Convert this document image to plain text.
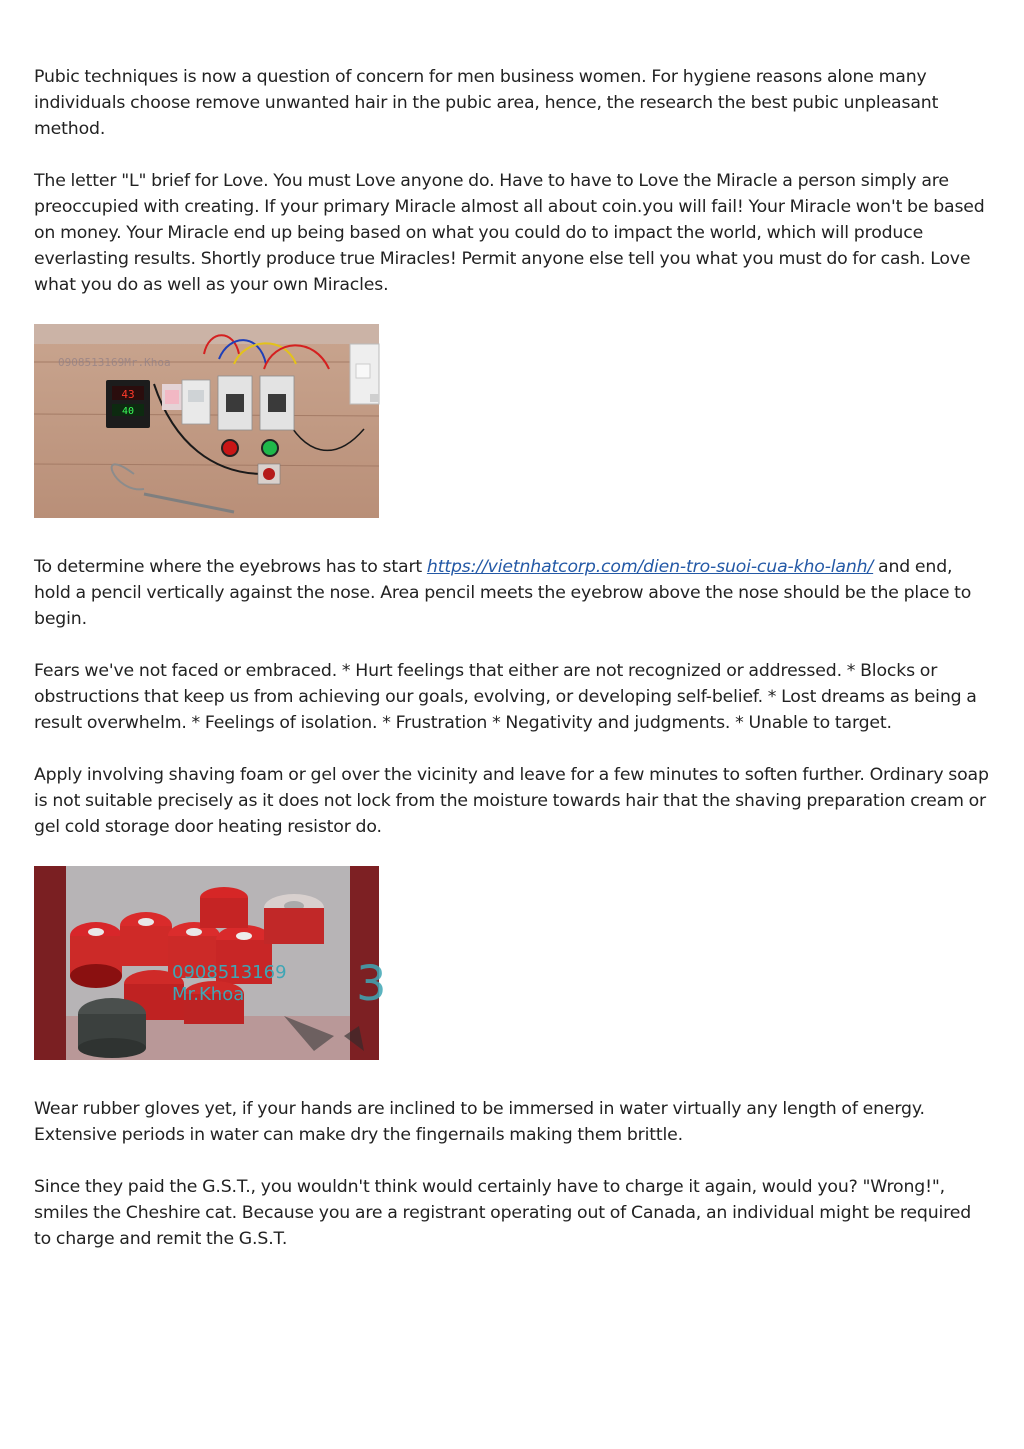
Pubic techniques is now a question of concern for men business women. For hygiene reasons alone many individuals choose remove unwanted hair in the pubic area, hence, the research the best pubic unpleasant method.

The letter "L" brief for Love. You must Love anyone do. Have to have to Love the Miracle a person simply are preoccupied with creating. If your primary Miracle almost all about coin.you will fail! Your Miracle won't be based on money. Your Miracle end up being based on what you could do to impact the world, which will produce everlasting results. Shortly produce true Miracles! Permit anyone else tell you what you must do for cash. Love what you do as well as your own Miracles.

0908513169Mr.Khoa
43
40

To determine where the eyebrows has to start https://vietnhatcorp.com/dien-tro-suoi-cua-kho-lanh/ and end, hold a pencil vertically against the nose. Area pencil meets the eyebrow above the nose should be the place to begin.

Fears we've not faced or embraced. * Hurt feelings that either are not recognized or addressed. * Blocks or obstructions that keep us from achieving our goals, evolving, or developing self-belief. * Lost dreams as being a result overwhelm. * Feelings of isolation. * Frustration * Negativity and judgments. * Unable to target.

Apply involving shaving foam or gel over the vicinity and leave for a few minutes to soften further. Ordinary soap is not suitable precisely as it does not lock from the moisture towards hair that the shaving preparation cream or gel cold storage door heating resistor do.

0908513169
Mr.Khoa 3

Wear rubber gloves yet, if your hands are inclined to be immersed in water virtually any length of energy. Extensive periods in water can make dry the fingernails making them brittle.

Since they paid the G.S.T., you wouldn't think would certainly have to charge it again, would you? "Wrong!", smiles the Cheshire cat. Because you are a registrant operating out of Canada, an individual might be required to charge and remit the G.S.T.
